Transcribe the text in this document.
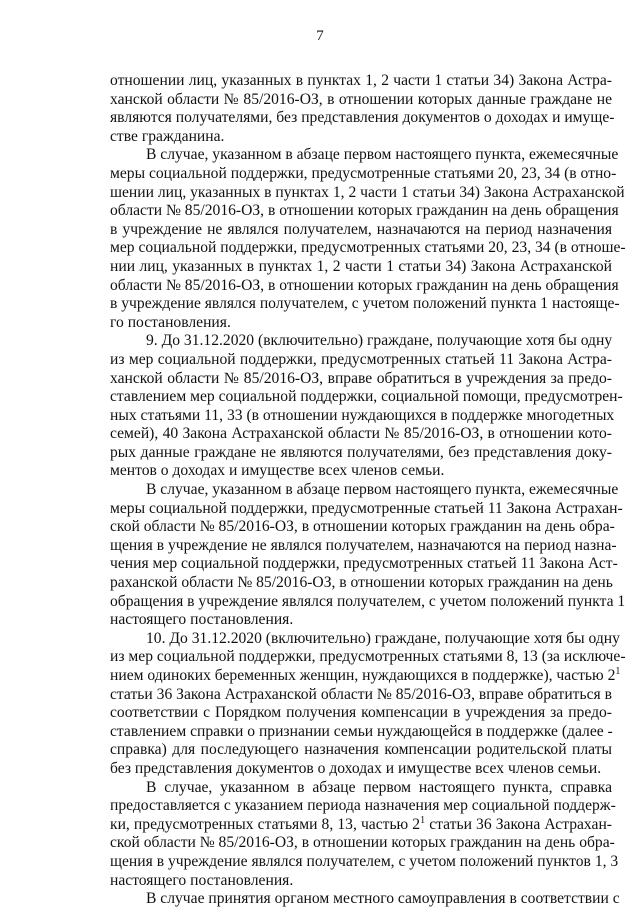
7
отношении лиц, указанных в пунктах 1, 2 части 1 статьи 34) Закона Астра-
ханской области № 85/2016-ОЗ, в отношении которых данные граждане не
являются получателями, без представления документов о доходах и имуще-
стве гражданина.
В случае, указанном в абзаце первом настоящего пункта, ежемесячные
меры социальной поддержки, предусмотренные статьями 20, 23, 34 (в отно-
шении лиц, указанных в пунктах 1, 2 части 1 статьи 34) Закона Астраханской
области № 85/2016-ОЗ, в отношении которых гражданин на день обращения
в учреждение не являлся получателем, назначаются на период назначения
мер социальной поддержки, предусмотренных статьями 20, 23, 34 (в отноше-
нии лиц, указанных в пунктах 1, 2 части 1 статьи 34) Закона Астраханской
области № 85/2016-ОЗ, в отношении которых гражданин на день обращения
в учреждение являлся получателем, с учетом положений пункта 1 настояще-
го постановления.
9. До 31.12.2020 (включительно) граждане, получающие хотя бы одну
из мер социальной поддержки, предусмотренных статьей 11 Закона Астра-
ханской области № 85/2016-ОЗ, вправе обратиться в учреждения за предо-
ставлением мер социальной поддержки, социальной помощи, предусмотрен-
ных статьями 11, 33 (в отношении нуждающихся в поддержке многодетных
семей), 40 Закона Астраханской области № 85/2016-ОЗ, в отношении кото-
рых данные граждане не являются получателями, без представления доку-
ментов о доходах и имуществе всех членов семьи.
В случае, указанном в абзаце первом настоящего пункта, ежемесячные
меры социальной поддержки, предусмотренные статьей 11 Закона Астрахан-
ской области № 85/2016-ОЗ, в отношении которых гражданин на день обра-
щения в учреждение не являлся получателем, назначаются на период назна-
чения мер социальной поддержки, предусмотренных статьей 11 Закона Аст-
раханской области № 85/2016-ОЗ, в отношении которых гражданин на день
обращения в учреждение являлся получателем, с учетом положений пункта 1
настоящего постановления.
10. До 31.12.2020 (включительно) граждане, получающие хотя бы одну
из мер социальной поддержки, предусмотренных статьями 8, 13 (за исключе-
нием одиноких беременных женщин, нуждающихся в поддержке), частью $2^1$
статьи 36 Закона Астраханской области № 85/2016-ОЗ, вправе обратиться в
соответствии с Порядком получения компенсации в учреждения за предо-
ставлением справки о признании семьи нуждающейся в поддержке (далее -
справка) для последующего назначения компенсации родительской платы
без представления документов о доходах и имуществе всех членов семьи.
В случае, указанном в абзаце первом настоящего пункта, справка
предоставляется с указанием периода назначения мер социальной поддерж-
ки, предусмотренных статьями 8, 13, частью $2^1$ статьи 36 Закона Астрахан-
ской области № 85/2016-ОЗ, в отношении которых гражданин на день обра-
щения в учреждение являлся получателем, с учетом положений пунктов 1, 3
настоящего постановления.
В случае принятия органом местного самоуправления в соответствии с
